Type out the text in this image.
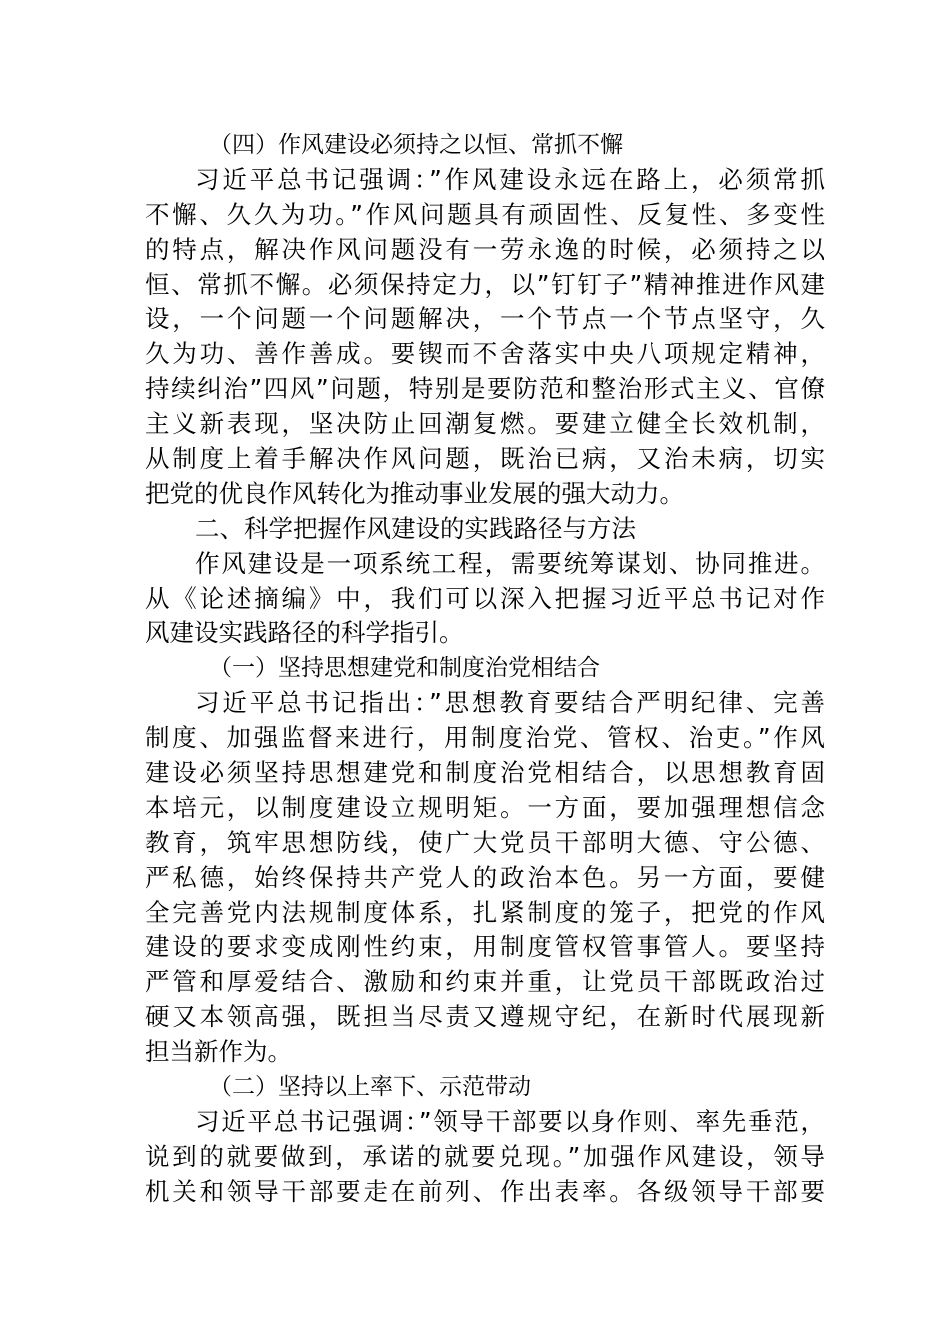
（四）作风建设必须持之以恒、常抓不懈
习近平总书记强调：”作风建设永远在路上，必须常抓
不懈、久久为功。”作风问题具有顽固性、反复性、多变性
的特点，解决作风问题没有一劳永逸的时候，必须持之以
恒、常抓不懈。必须保持定力，以”钉钉子”精神推进作风建
设，一个问题一个问题解决，一个节点一个节点坚守，久
久为功、善作善成。要锲而不舍落实中央八项规定精神，
持续纠治”四风”问题，特别是要防范和整治形式主义、官僚
主义新表现，坚决防止回潮复燃。要建立健全长效机制，
从制度上着手解决作风问题，既治已病，又治未病，切实
把党的优良作风转化为推动事业发展的强大动力。
二、科学把握作风建设的实践路径与方法
作风建设是一项系统工程，需要统筹谋划、协同推进。
从《论述摘编》中，我们可以深入把握习近平总书记对作
风建设实践路径的科学指引。
（一）坚持思想建党和制度治党相结合
习近平总书记指出：”思想教育要结合严明纪律、完善
制度、加强监督来进行，用制度治党、管权、治吏。”作风
建设必须坚持思想建党和制度治党相结合，以思想教育固
本培元，以制度建设立规明矩。一方面，要加强理想信念
教育，筑牢思想防线，使广大党员干部明大德、守公德、
严私德，始终保持共产党人的政治本色。另一方面，要健
全完善党内法规制度体系，扎紧制度的笼子，把党的作风
建设的要求变成刚性约束，用制度管权管事管人。要坚持
严管和厚爱结合、激励和约束并重，让党员干部既政治过
硬又本领高强，既担当尽责又遵规守纪，在新时代展现新
担当新作为。
（二）坚持以上率下、示范带动
习近平总书记强调：”领导干部要以身作则、率先垂范，
说到的就要做到，承诺的就要兑现。”加强作风建设，领导
机关和领导干部要走在前列、作出表率。各级领导干部要
